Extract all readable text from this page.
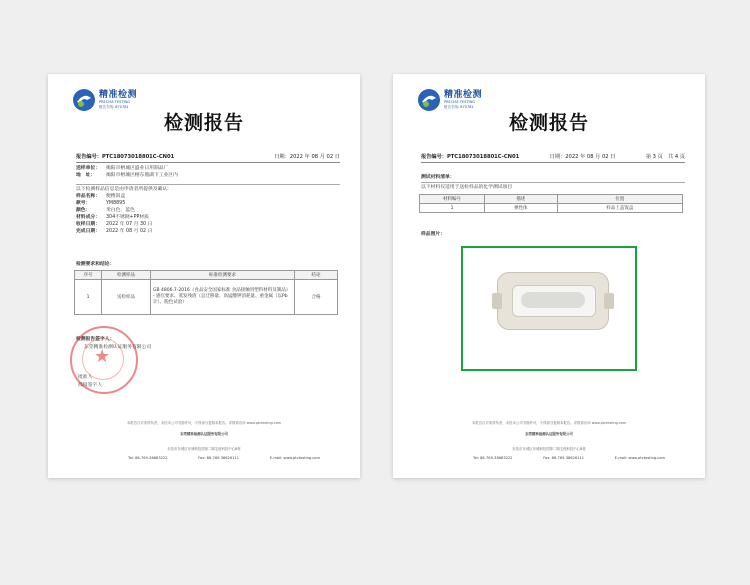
精准检测
PRECISE TESTING
报告专线: 870781
检测报告
报告编号：PTC18073018801C-CN01	日期：2022 年 08 月 02 日
送样单位： 揭阳市榕城区盛业日用制品厂
地　址： 揭阳市榕城区榕东渔湖下工业区内
以下检测样品信息是由申请者所提供及确认:
样品名称： 便携饭盒
款号：	YM8895
颜色：	米白色、蓝色
材料成分： 304不锈钢+PP材质
收样日期： 2022 年 07 月 30 日
完成日期： 2022 年 08 月 02 日
检测要求和结论：
序号	检测样品	标准检测要求	结论
1	送检样品	GB 4806.7-2016《食品安全国家标准 食品接触用塑料材料及制品》
- 感官要求、蒸发残渣（总迁移量、高锰酸钾消耗量、重金属（以Pb计）、脱色试验）	合格
检测报告签字人：
东莞精准检测认证服务有限公司
批准人
授权签字人
★
本报告仅对来样负责，未经本公司书面许可，不得部分复制本报告。详情请访问 www.ptctesting.com
东莞精准检测认证服务有限公司
东莞市东城区东城科技园第二期宝莲科技中心B栋
Tel: 86-769-38683222	Fax: 86-769-38626111	E-mail: www.ptctesting.com
精准检测
PRECISE TESTING
报告专线: 870781
检测报告
报告编号：PTC18073018801C-CN01	日期：2022 年 08 月 02 日	第 3 页　共 4 页
测试材料清单：
以下材料仅适用于送检样品的化学测试项目
材料编号	描述	位置
1	弹性体	样品上盖饭盒
样品照片：
本报告仅对来样负责，未经本公司书面许可，不得部分复制本报告。详情请访问 www.ptctesting.com
东莞精准检测认证服务有限公司
东莞市东城区东城科技园第二期宝莲科技中心B栋
Tel: 86-769-38683222	Fax: 86-769-38626111	E-mail: www.ptctesting.com
